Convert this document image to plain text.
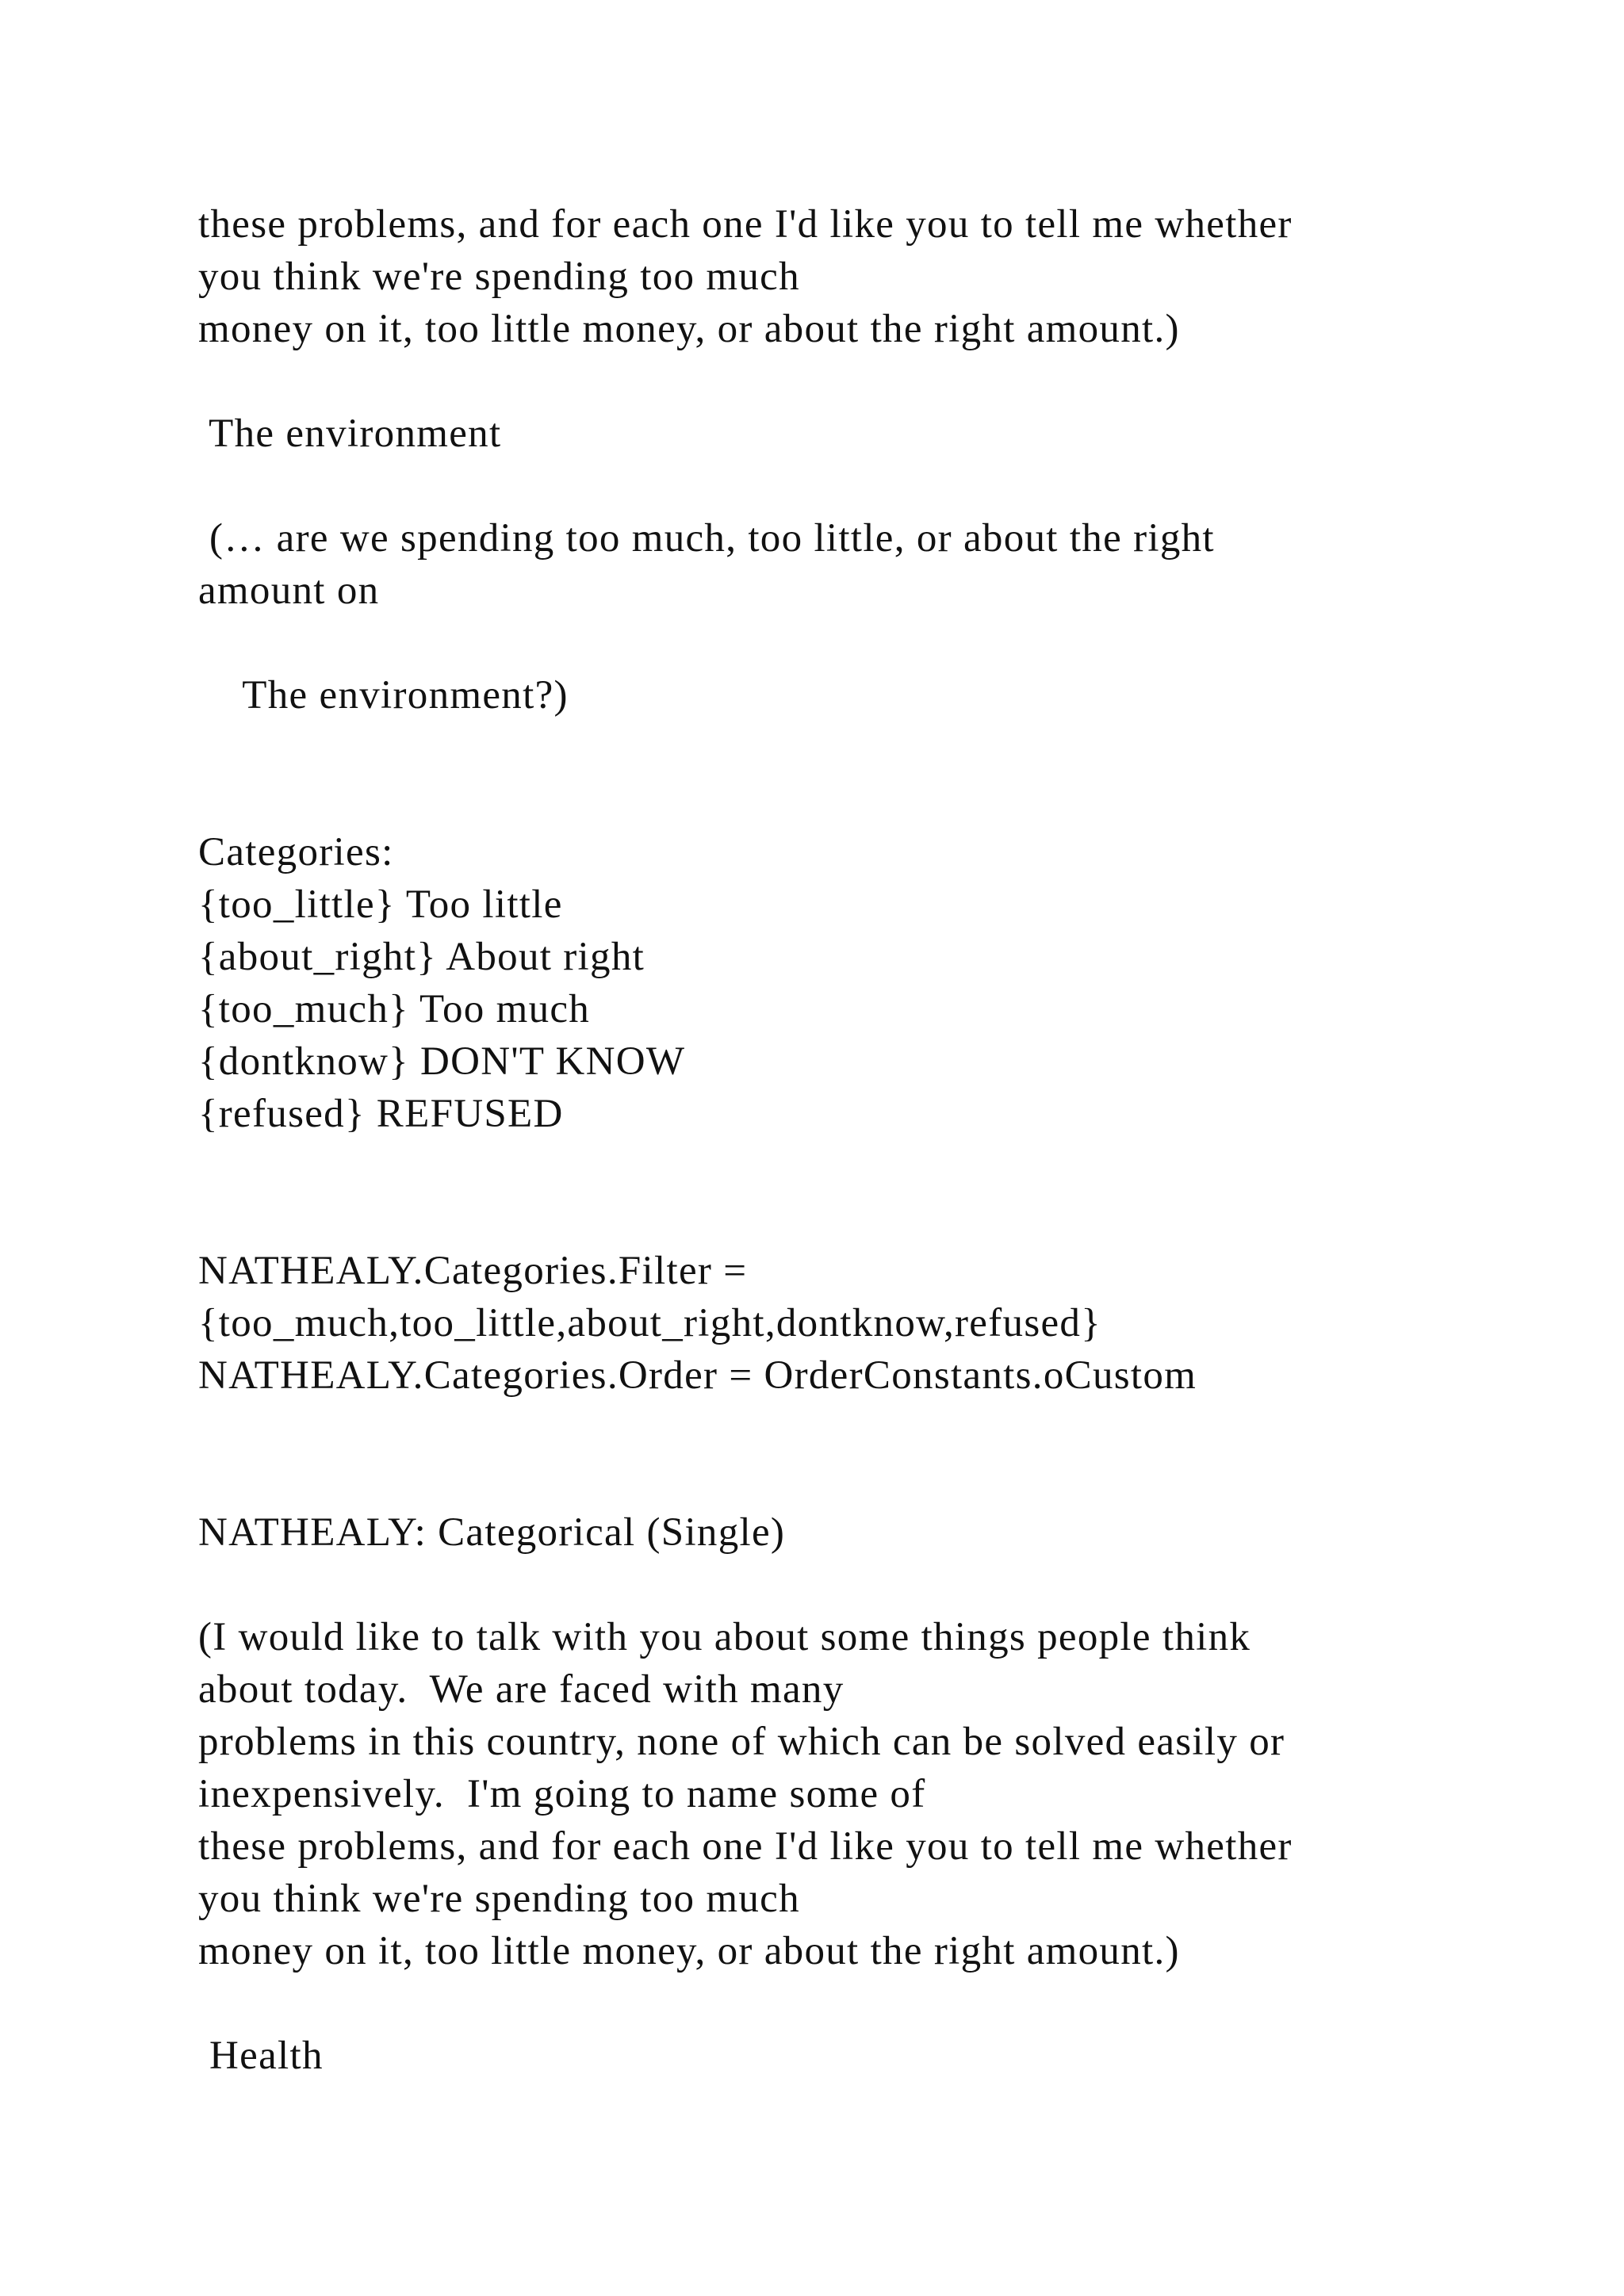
these problems, and for each one I'd like you to tell me whether

you think we're spending too much

money on it, too little money, or about the right amount.)

The environment

(… are we spending too much, too little, or about the right

amount on

The environment?)

Categories:

{too_little} Too little

{about_right} About right

{too_much} Too much

{dontknow} DON'T KNOW

{refused} REFUSED

NATHEALY.Categories.Filter =

{too_much,too_little,about_right,dontknow,refused}

NATHEALY.Categories.Order = OrderConstants.oCustom

NATHEALY: Categorical (Single)

(I would like to talk with you about some things people think

about today.  We are faced with many

problems in this country, none of which can be solved easily or

inexpensively.  I'm going to name some of

these problems, and for each one I'd like you to tell me whether

you think we're spending too much

money on it, too little money, or about the right amount.)

Health
